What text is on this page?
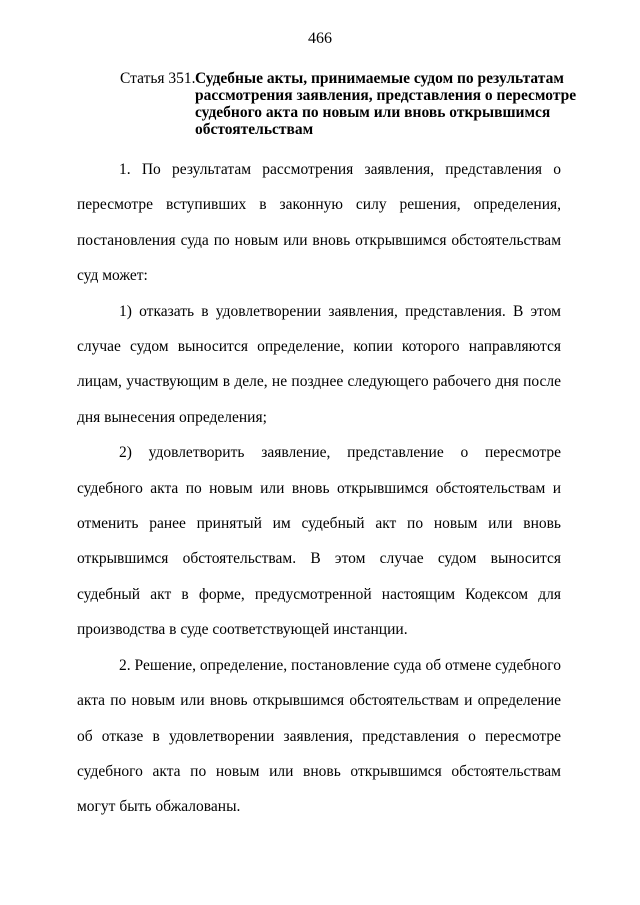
466
Статья 351. Судебные акты, принимаемые судом по результатам рассмотрения заявления, представления о пересмотре судебного акта по новым или вновь открывшимся обстоятельствам

1. По результатам рассмотрения заявления, представления о пересмотре вступивших в законную силу решения, определения, постановления суда по новым или вновь открывшимся обстоятельствам суд может:

1) отказать в удовлетворении заявления, представления. В этом случае судом выносится определение, копии которого направляются лицам, участвующим в деле, не позднее следующего рабочего дня после дня вынесения определения;

2) удовлетворить заявление, представление о пересмотре судебного акта по новым или вновь открывшимся обстоятельствам и отменить ранее принятый им судебный акт по новым или вновь открывшимся обстоятельствам. В этом случае судом выносится судебный акт в форме, предусмотренной настоящим Кодексом для производства в суде соответствующей инстанции.

2. Решение, определение, постановление суда об отмене судебного акта по новым или вновь открывшимся обстоятельствам и определение об отказе в удовлетворении заявления, представления о пересмотре судебного акта по новым или вновь открывшимся обстоятельствам могут быть обжалованы.
